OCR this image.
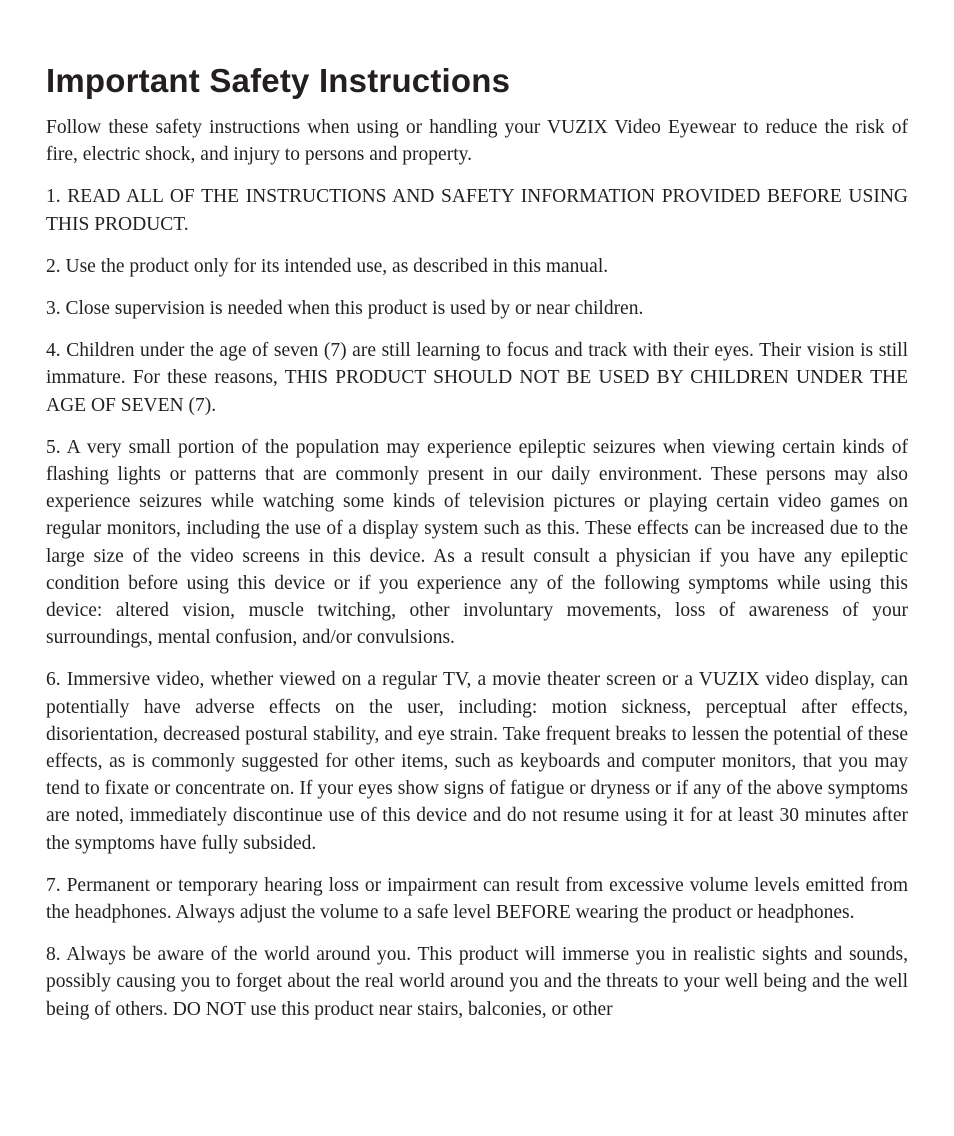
Important Safety Instructions

Follow these safety instructions when using or handling your VUZIX Video Eyewear to reduce the risk of fire, electric shock, and injury to persons and property.

1. READ ALL OF THE INSTRUCTIONS AND SAFETY INFORMATION PROVIDED BEFORE USING THIS PRODUCT.

2. Use the product only for its intended use, as described in this manual.

3. Close supervision is needed when this product is used by or near children.

4. Children under the age of seven (7) are still learning to focus and track with their eyes. Their vision is still immature. For these reasons, THIS PRODUCT SHOULD NOT BE USED BY CHILDREN UNDER THE AGE OF SEVEN (7).

5. A very small portion of the population may experience epileptic seizures when viewing certain kinds of flashing lights or patterns that are commonly present in our daily environment. These persons may also experience seizures while watching some kinds of television pictures or playing certain video games on regular monitors, including the use of a display system such as this. These effects can be increased due to the large size of the video screens in this device. As a result consult a physician if you have any epileptic condition before using this device or if you experience any of the following symptoms while using this device: altered vision, muscle twitching, other involuntary movements, loss of awareness of your surroundings, mental confusion, and/or convulsions.

6. Immersive video, whether viewed on a regular TV, a movie theater screen or a VUZIX video display, can potentially have adverse effects on the user, including: motion sickness, perceptual after effects, disorientation, decreased postural stability, and eye strain. Take frequent breaks to lessen the potential of these effects, as is commonly suggested for other items, such as keyboards and computer monitors, that you may tend to fixate or concentrate on. If your eyes show signs of fatigue or dryness or if any of the above symptoms are noted, immediately discontinue use of this device and do not resume using it for at least 30 minutes after the symptoms have fully subsided.

7. Permanent or temporary hearing loss or impairment can result from excessive volume levels emitted from the headphones. Always adjust the volume to a safe level BEFORE wearing the product or headphones.

8. Always be aware of the world around you. This product will immerse you in realistic sights and sounds, possibly causing you to forget about the real world around you and the threats to your well being and the well being of others. DO NOT use this product near stairs, balconies, or other
